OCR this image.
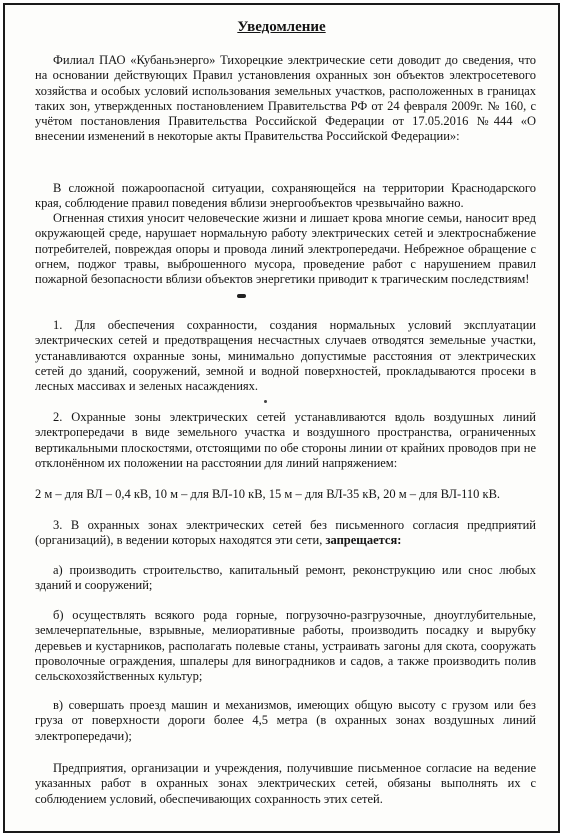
Уведомление

Филиал ПАО «Кубаньэнерго» Тихорецкие электрические сети доводит до сведения, что на основании действующих Правил установления охранных зон объектов электросетевого хозяйства и особых условий использования земельных участков, расположенных в границах таких зон, утвержденных постановлением Правительства РФ от 24 февраля 2009г. № 160, с учётом постановления Правительства Российской Федерации от 17.05.2016 №444 «О внесении изменений в некоторые акты Правительства Российской Федерации»:

В сложной пожароопасной ситуации, сохраняющейся на территории Краснодарского края, соблюдение правил поведения вблизи энергообъектов чрезвычайно важно.

Огненная стихия уносит человеческие жизни и лишает крова многие семьи, наносит вред окружающей среде, нарушает нормальную работу электрических сетей и электроснабжение потребителей, повреждая опоры и провода линий электропередачи. Небрежное обращение с огнем, поджог травы, выброшенного мусора, проведение работ с нарушением правил пожарной безопасности вблизи объектов энергетики приводит к трагическим последствиям!

1. Для обеспечения сохранности, создания нормальных условий эксплуатации электрических сетей и предотвращения несчастных случаев отводятся земельные участки, устанавливаются охранные зоны, минимально допустимые расстояния от электрических сетей до зданий, сооружений, земной и водной поверхностей, прокладываются просеки в лесных массивах и зеленых насаждениях.

2. Охранные зоны электрических сетей устанавливаются вдоль воздушных линий электропередачи в виде земельного участка и воздушного пространства, ограниченных вертикальными плоскостями, отстоящими по обе стороны линии от крайних проводов при не отклонённом их положении на расстоянии для линий напряжением:

2 м – для ВЛ – 0,4 кВ, 10 м – для ВЛ-10 кВ, 15 м – для ВЛ-35 кВ, 20 м – для ВЛ-110 кВ.

3. В охранных зонах электрических сетей без письменного согласия предприятий (организаций), в ведении которых находятся эти сети, запрещается:

а) производить строительство, капитальный ремонт, реконструкцию или снос любых зданий и сооружений;

б) осуществлять всякого рода горные, погрузочно-разгрузочные, дноуглубительные, землечерпательные, взрывные, мелиоративные работы, производить посадку и вырубку деревьев и кустарников, располагать полевые станы, устраивать загоны для скота, сооружать проволочные ограждения, шпалеры для виноградников и садов, а также производить полив сельскохозяйственных культур;

в) совершать проезд машин и механизмов, имеющих общую высоту с грузом или без груза от поверхности дороги более 4,5 метра (в охранных зонах воздушных линий электропередачи);

Предприятия, организации и учреждения, получившие письменное согласие на ведение указанных работ в охранных зонах электрических сетей, обязаны выполнять их с соблюдением условий, обеспечивающих сохранность этих сетей.
